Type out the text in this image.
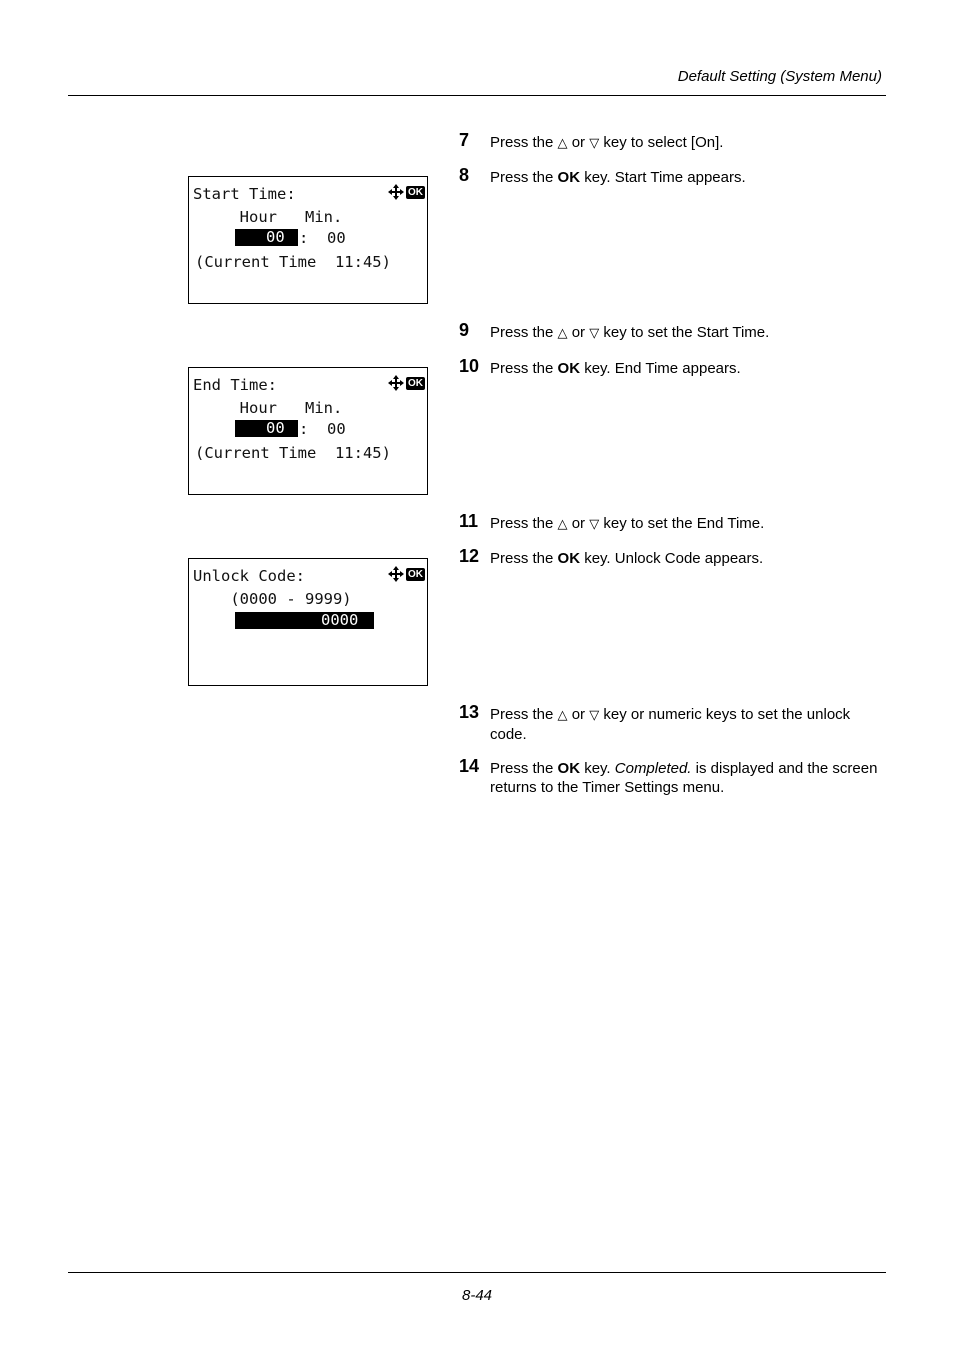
Default Setting (System Menu)
Start Time:	OK
Hour   Min.
00 :  00
(Current Time  11:45)
End Time:	OK
Hour   Min.
00 :  00
(Current Time  11:45)
Unlock Code:	OK
(0000 - 9999)
0000
7 Press the △ or ▽ key to select [On].
8 Press the OK key. Start Time appears.
9 Press the △ or ▽ key to set the Start Time.
10 Press the OK key. End Time appears.
11 Press the △ or ▽ key to set the End Time.
12 Press the OK key. Unlock Code appears.
13 Press the △ or ▽ key or numeric keys to set the unlock code.
14 Press the OK key. Completed. is displayed and the screen returns to the Timer Settings menu.
8-44
